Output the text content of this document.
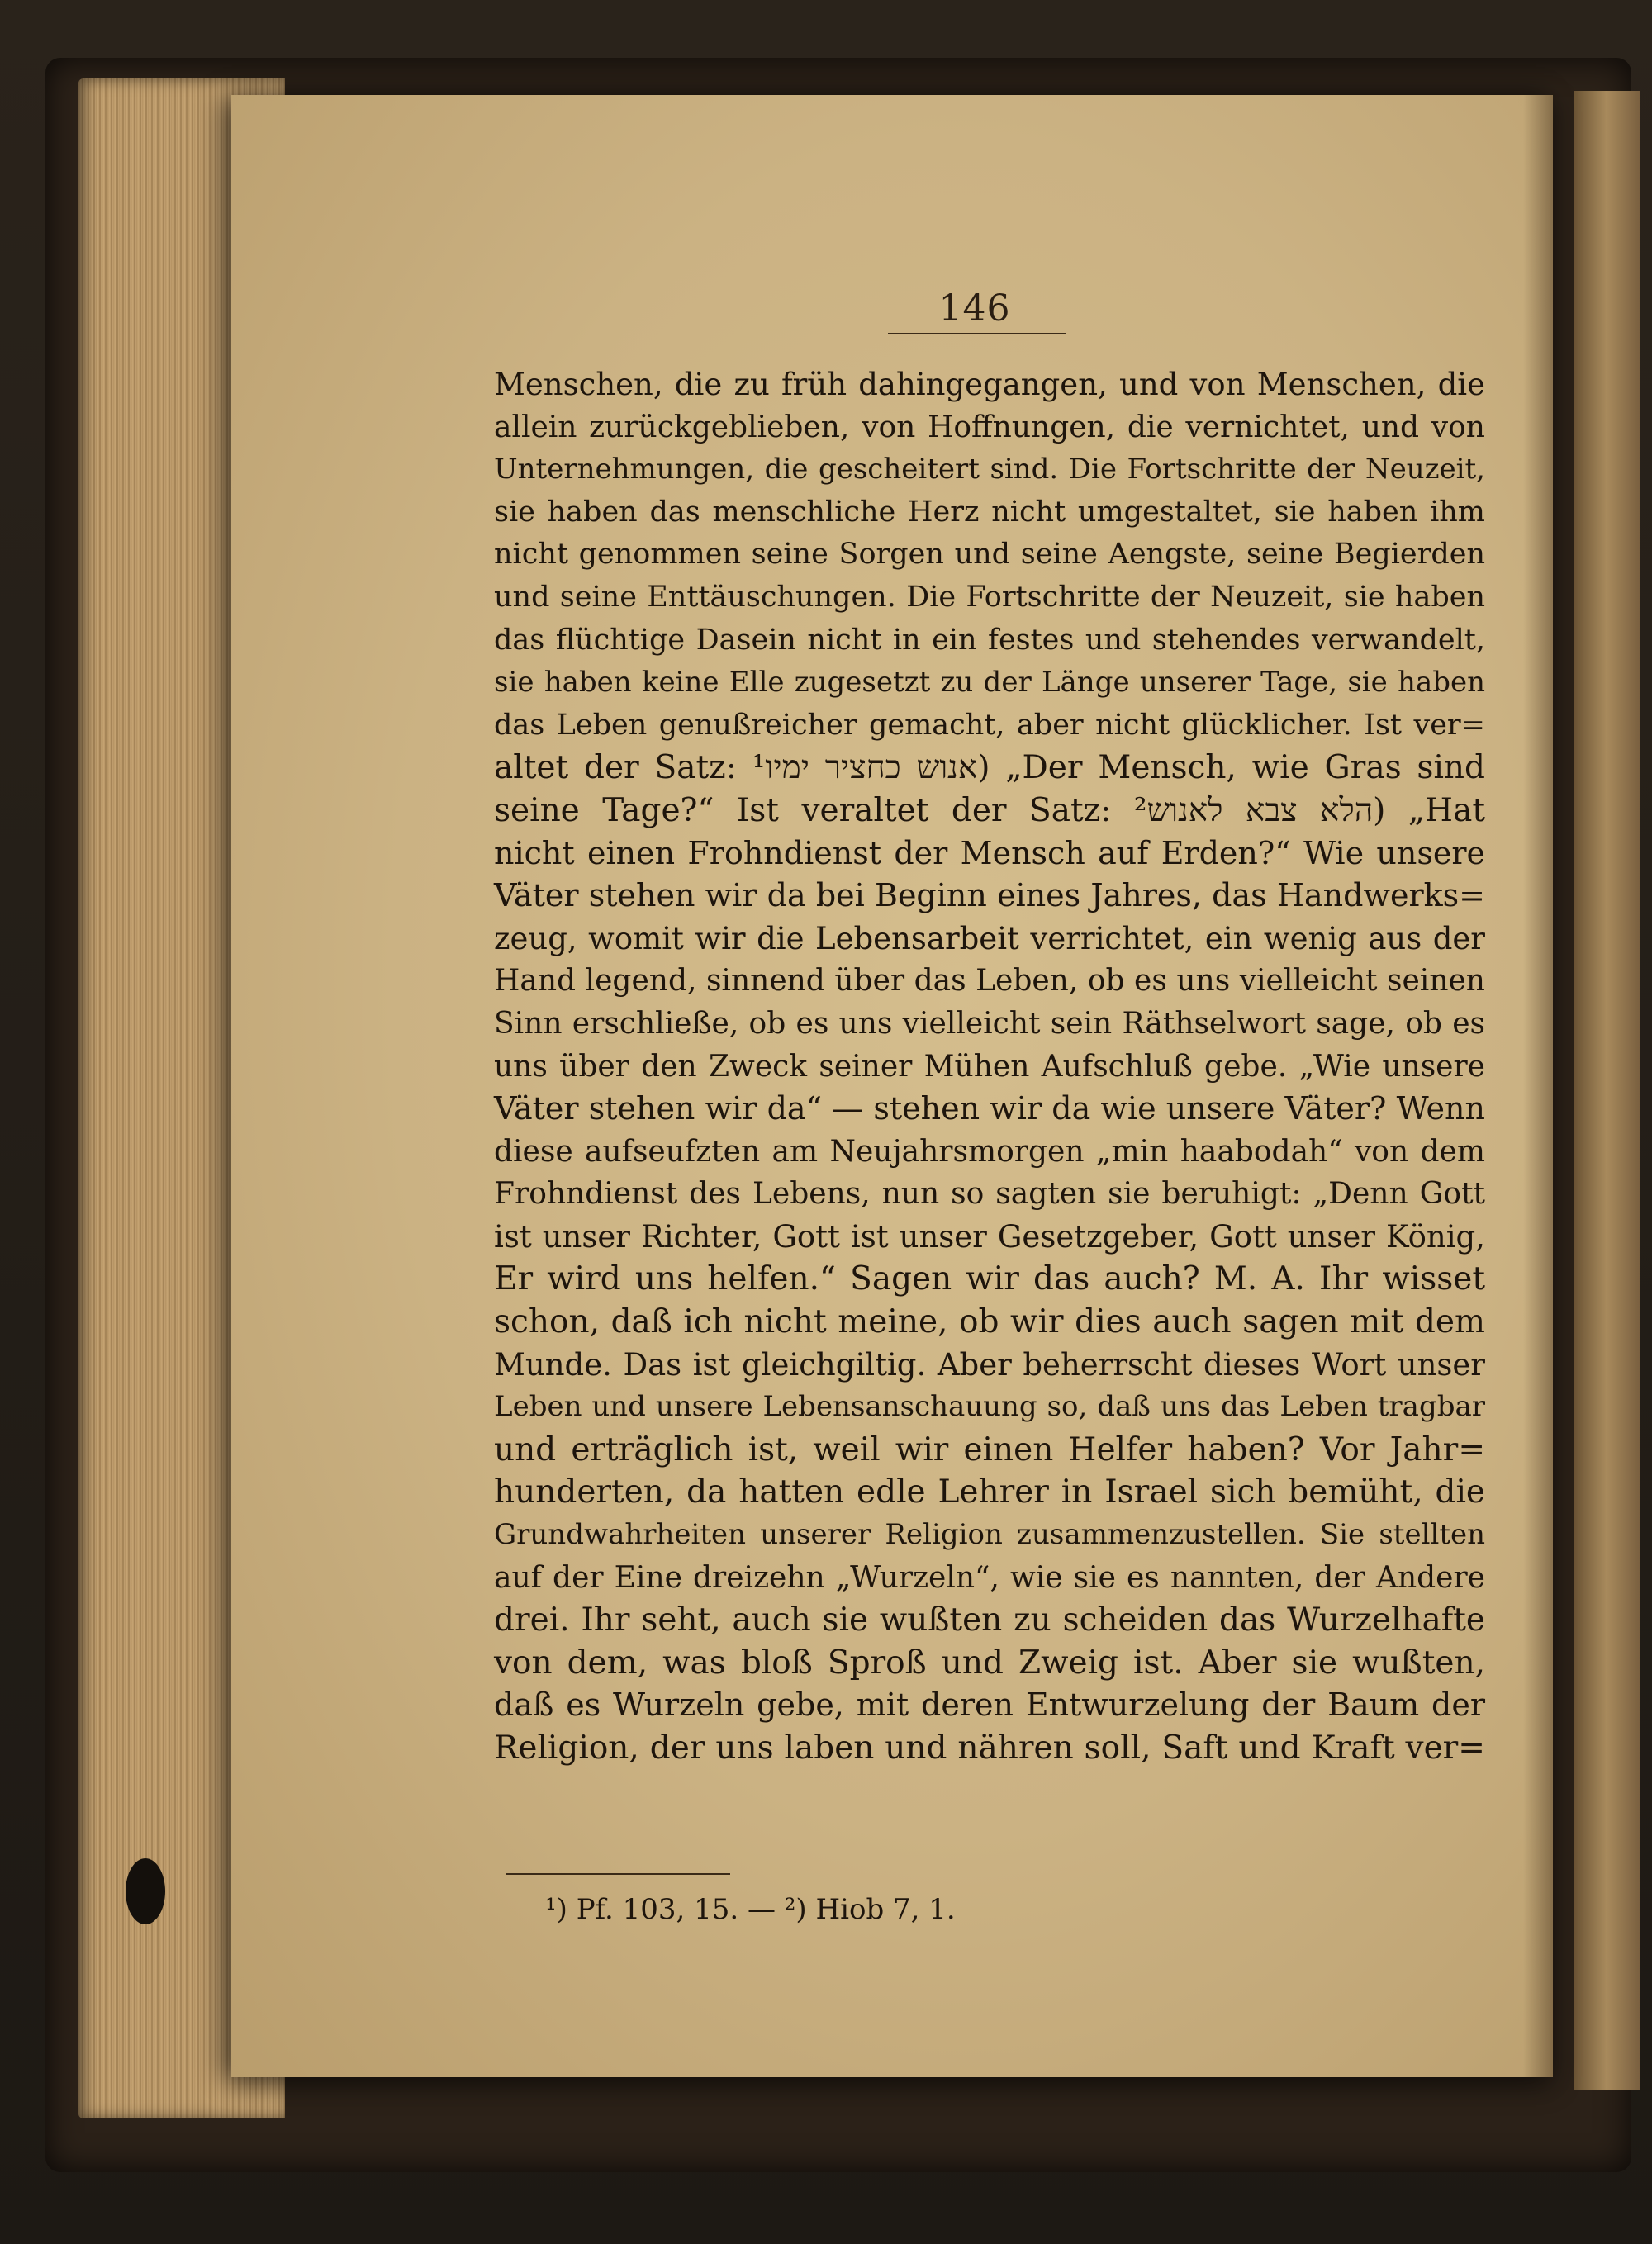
146
Menschen, die zu früh dahingegangen, und von Menschen, die
allein zurückgeblieben, von Hoffnungen, die vernichtet, und von
Unternehmungen, die gescheitert sind. Die Fortschritte der Neuzeit,
sie haben das menschliche Herz nicht umgestaltet, sie haben ihm
nicht genommen seine Sorgen und seine Aengste, seine Begierden
und seine Enttäuschungen. Die Fortschritte der Neuzeit, sie haben
das flüchtige Dasein nicht in ein festes und stehendes verwandelt,
sie haben keine Elle zugesetzt zu der Länge unserer Tage, sie haben
das Leben genußreicher gemacht, aber nicht glücklicher. Ist ver=
altet der Satz: אנוש כחציר ימיו¹) „Der Mensch, wie Gras sind
seine Tage?“ Ist veraltet der Satz: הלא צבא לאנוש²) „Hat
nicht einen Frohndienst der Mensch auf Erden?“ Wie unsere
Väter stehen wir da bei Beginn eines Jahres, das Handwerks=
zeug, womit wir die Lebensarbeit verrichtet, ein wenig aus der
Hand legend, sinnend über das Leben, ob es uns vielleicht seinen
Sinn erschließe, ob es uns vielleicht sein Räthselwort sage, ob es
uns über den Zweck seiner Mühen Aufschluß gebe. „Wie unsere
Väter stehen wir da“ — stehen wir da wie unsere Väter? Wenn
diese aufseufzten am Neujahrsmorgen „min haabodah“ von dem
Frohndienst des Lebens, nun so sagten sie beruhigt: „Denn Gott
ist unser Richter, Gott ist unser Gesetzgeber, Gott unser König,
Er wird uns helfen.“ Sagen wir das auch? M. A. Ihr wisset
schon, daß ich nicht meine, ob wir dies auch sagen mit dem
Munde. Das ist gleichgiltig. Aber beherrscht dieses Wort unser
Leben und unsere Lebensanschauung so, daß uns das Leben tragbar
und erträglich ist, weil wir einen Helfer haben? Vor Jahr=
hunderten, da hatten edle Lehrer in Israel sich bemüht, die
Grundwahrheiten unserer Religion zusammenzustellen. Sie stellten
auf der Eine dreizehn „Wurzeln“, wie sie es nannten, der Andere
drei. Ihr seht, auch sie wußten zu scheiden das Wurzelhafte
von dem, was bloß Sproß und Zweig ist. Aber sie wußten,
daß es Wurzeln gebe, mit deren Entwurzelung der Baum der
Religion, der uns laben und nähren soll, Saft und Kraft ver=
¹) Pf. 103, 15. — ²) Hiob 7, 1.
